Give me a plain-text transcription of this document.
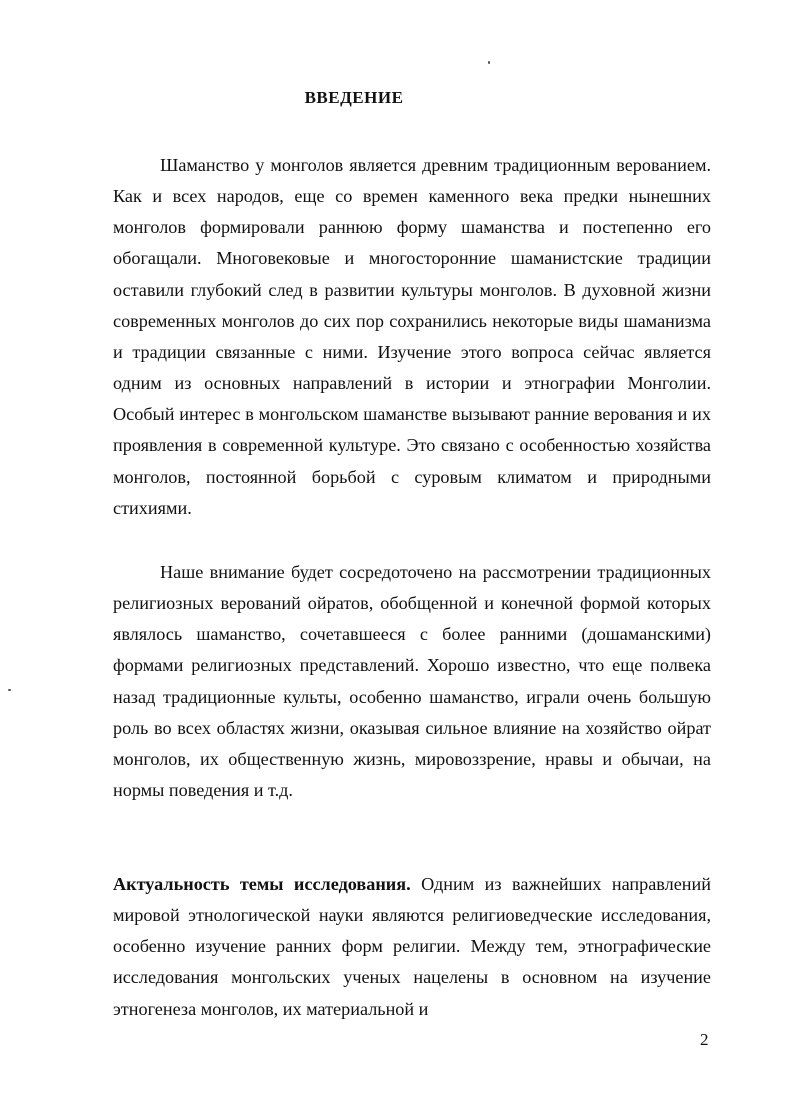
ВВЕДЕНИЕ

Шаманство у монголов является древним традиционным верованием. Как и всех народов, еще со времен каменного века предки нынешних монголов формировали раннюю форму шаманства и постепенно его обогащали. Многовековые и многосторонние шаманистские традиции оставили глубокий след в развитии культуры монголов. В духовной жизни современных монголов до сих пор сохранились некоторые виды шаманизма и традиции связанные с ними. Изучение этого вопроса сейчас является одним из основных направлений в истории и этнографии Монголии. Особый интерес в монгольском шаманстве вызывают ранние верования и их проявления в современной культуре. Это связано с особенностью хозяйства монголов, постоянной борьбой с суровым климатом и природными стихиями.

Наше внимание будет сосредоточено на рассмотрении традиционных религиозных верований ойратов, обобщенной и конечной формой которых являлось шаманство, сочетавшееся с более ранними (дошаманскими) формами религиозных представлений. Хорошо известно, что еще полвека назад традиционные культы, особенно шаманство, играли очень большую роль во всех областях жизни, оказывая сильное влияние на хозяйство ойрат монголов, их общественную жизнь, мировоззрение, нравы и обычаи, на нормы поведения и т.д.

Актуальность темы исследования. Одним из важнейших направлений мировой этнологической науки являются религиоведческие исследования, особенно изучение ранних форм религии. Между тем, этнографические исследования монгольских ученых нацелены в основном на изучение этногенеза монголов, их материальной и

2
